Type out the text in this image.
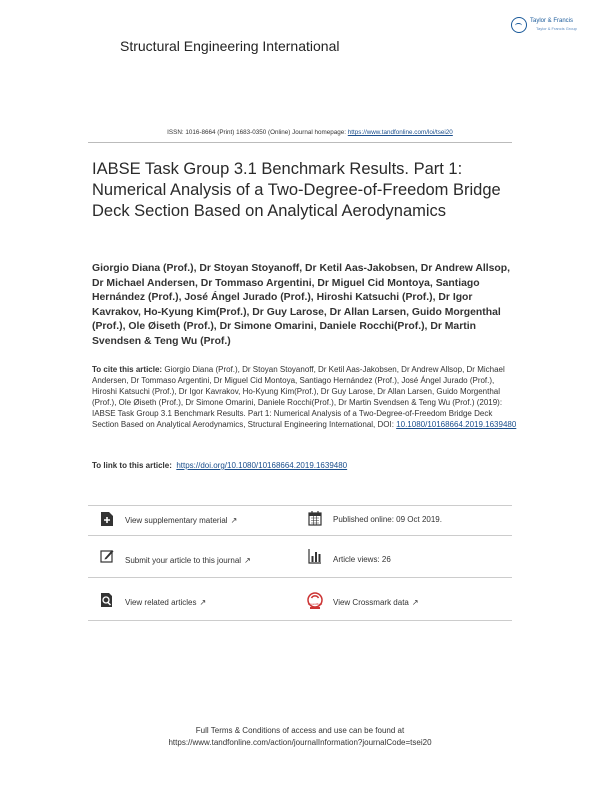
Taylor & Francis
Taylor & Francis Group
Structural Engineering International
ISSN: 1016-8664 (Print) 1683-0350 (Online) Journal homepage: https://www.tandfonline.com/loi/tsei20
IABSE Task Group 3.1 Benchmark Results. Part 1: Numerical Analysis of a Two-Degree-of-Freedom Bridge Deck Section Based on Analytical Aerodynamics
Giorgio Diana (Prof.), Dr Stoyan Stoyanoff, Dr Ketil Aas-Jakobsen, Dr Andrew Allsop, Dr Michael Andersen, Dr Tommaso Argentini, Dr Miguel Cid Montoya, Santiago Hernández (Prof.), José Ángel Jurado (Prof.), Hiroshi Katsuchi (Prof.), Dr Igor Kavrakov, Ho-Kyung Kim(Prof.), Dr Guy Larose, Dr Allan Larsen, Guido Morgenthal (Prof.), Ole Øiseth (Prof.), Dr Simone Omarini, Daniele Rocchi(Prof.), Dr Martin Svendsen & Teng Wu (Prof.)
To cite this article: Giorgio Diana (Prof.), Dr Stoyan Stoyanoff, Dr Ketil Aas-Jakobsen, Dr Andrew Allsop, Dr Michael Andersen, Dr Tommaso Argentini, Dr Miguel Cid Montoya, Santiago Hernández (Prof.), José Ángel Jurado (Prof.), Hiroshi Katsuchi (Prof.), Dr Igor Kavrakov, Ho-Kyung Kim(Prof.), Dr Guy Larose, Dr Allan Larsen, Guido Morgenthal (Prof.), Ole Øiseth (Prof.), Dr Simone Omarini, Daniele Rocchi(Prof.), Dr Martin Svendsen & Teng Wu (Prof.) (2019): IABSE Task Group 3.1 Benchmark Results. Part 1: Numerical Analysis of a Two-Degree-of-Freedom Bridge Deck Section Based on Analytical Aerodynamics, Structural Engineering International, DOI: 10.1080/10168664.2019.1639480
To link to this article: https://doi.org/10.1080/10168664.2019.1639480
View supplementary material ↗	Published online: 09 Oct 2019.
Submit your article to this journal ↗	Article views: 26
View related articles ↗	CrossMark View Crossmark data ↗
Full Terms & Conditions of access and use can be found at
https://www.tandfonline.com/action/journalInformation?journalCode=tsei20
